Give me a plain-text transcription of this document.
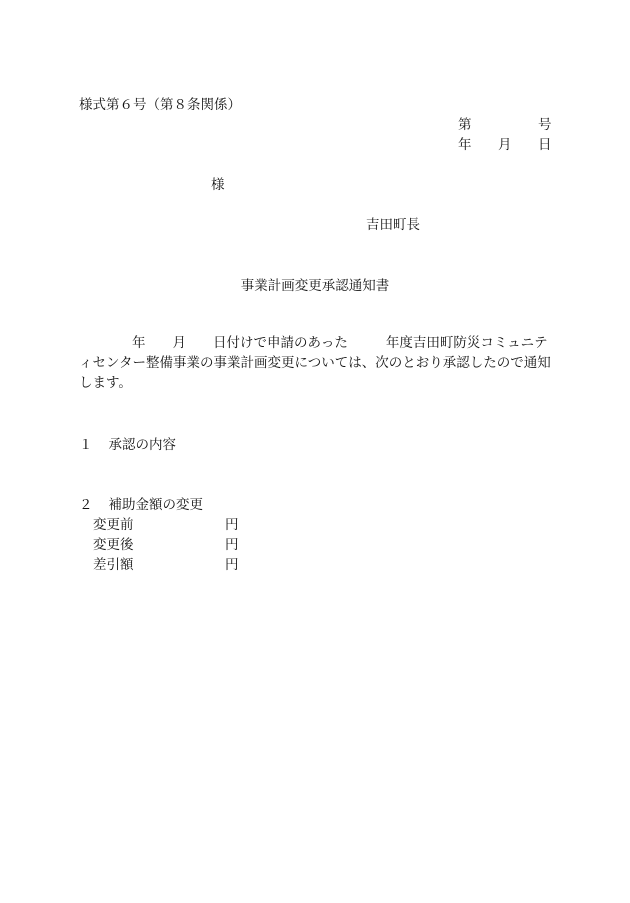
様式第６号（第８条関係）
第	号
年 月 日
様
吉田町長
事業計画変更承認通知書
年 月 日付けで申請のあった	年度吉田町防災コミュニテ
ィセンター整備事業の事業計画変更については、次のとおり承認したので通知
します。
１ 承認の内容
２ 補助金額の変更
変更前	円
変更後	円
差引額	円
